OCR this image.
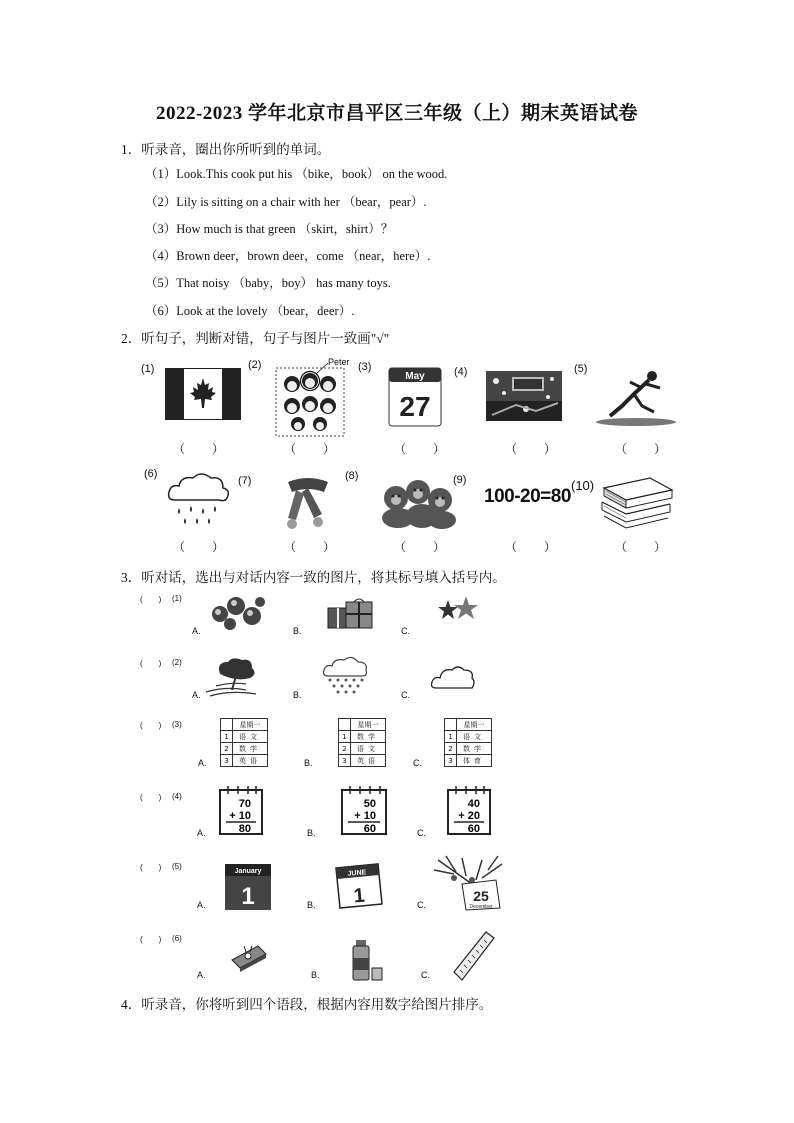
2022-2023 学年北京市昌平区三年级（上）期末英语试卷
1．听录音，圈出你所听到的单词。
（1）Look.This cook put his （bike，book） on the wood.
（2）Lily is sitting on a chair with her （bear，pear）.
（3）How much is that green （skirt，shirt）？
（4）Brown deer，brown deer，come （near，here）.
（5）That noisy （baby，boy） has many toys.
（6）Look at the lovely （bear，deer）.
2．听句子，判断对错，句子与图片一致画"√"
(1)	(2)	(3)	(4)	(5)
Peter
May
27
（　　）	（　　）	（　　）	（　　）	（　　）
(6)
(7)	(8)	(9)	(10)
100-20=80
（　　）	（　　）	（　　）	（　　）	（　　）
3．听对话，选出与对话内容一致的图片，将其标号填入括号内。
(　　) (1)
A.	B.	C.
(　　) (2)
A.	B.	C.
(　　) (3)
A.	B.	C.
	星期一
1	语文
2	数学
3	英语
	星期一
1	数学
2	语文
3	英语
	星期一
1	语文
2	数学
3	体育
(　　) (4)
A.	B.	C.
70
+ 10
80
50
+ 10
60
40
+ 20
60
(　　) (5)
A.	B.	C.
January
1
JUNE
1	25
December
(　　) (6)
A.	B.	C.
4．听录音，你将听到四个语段，根据内容用数字给图片排序。
